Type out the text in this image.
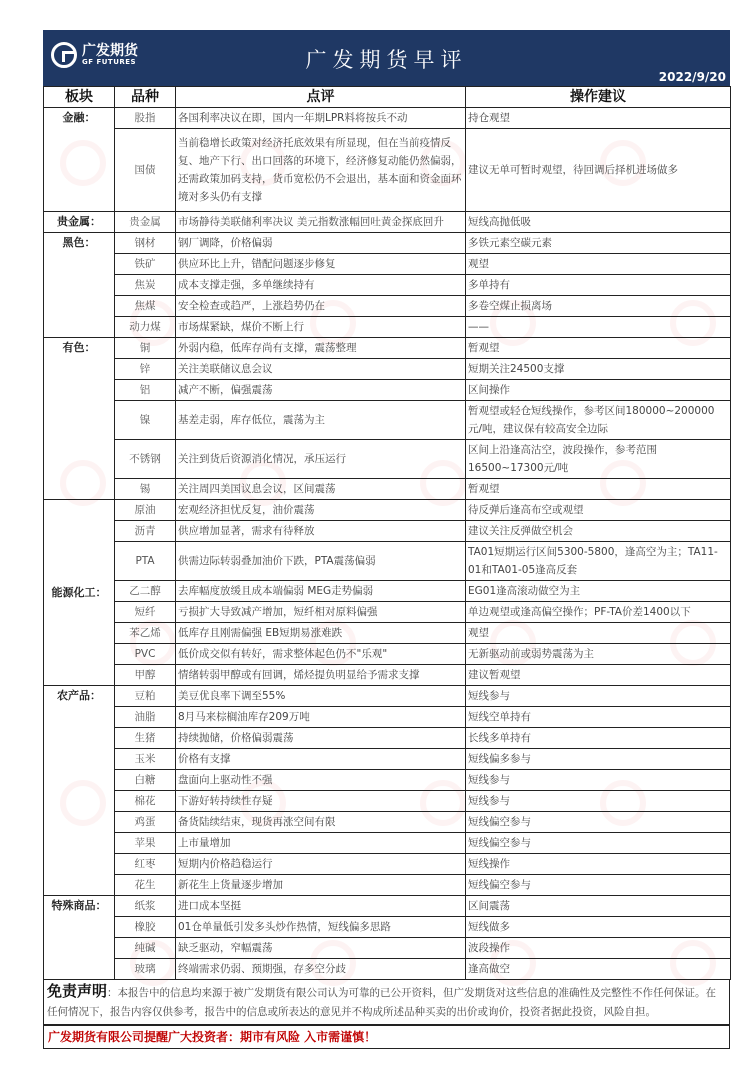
广发期货
GF FUTURES	广发期货早评
2022/9/20
板块	品种	点评	操作建议
金融：	股指	各国利率决议在即，国内一年期LPR料将按兵不动	持仓观望
	国债	当前稳增长政策对经济托底效果有所显现，但在当前疫情反复、地产下行、出口回落的环境下，经济修复动能仍然偏弱，还需政策加码支持，货币宽松仍不会退出，基本面和资金面环境对多头仍有支撑	建议无单可暂时观望，待回调后择机进场做多
贵金属：	贵金属	市场静待美联储利率决议 美元指数涨幅回吐黄金探底回升	短线高抛低吸
黑色：	钢材	钢厂调降，价格偏弱	多铁元素空碳元素
	铁矿	供应环比上升，错配问题逐步修复	观望
	焦炭	成本支撑走强，多单继续持有	多单持有
	焦煤	安全检查或趋严，上涨趋势仍在	多卷空煤止损离场
	动力煤	市场煤紧缺，煤价不断上行	——
有色：	铜	外弱内稳，低库存尚有支撑，震荡整理	暂观望
	锌	关注美联储议息会议	短期关注24500支撑
	铝	减产不断，偏强震荡	区间操作
	镍	基差走弱，库存低位，震荡为主	暂观望或轻仓短线操作，参考区间180000~200000元/吨，建议保有较高安全边际
	不锈钢	关注到货后资源消化情况，承压运行	区间上沿逢高沽空，波段操作，参考范围16500~17300元/吨
	锡	关注周四美国议息会议，区间震荡	暂观望
能源化工：	原油	宏观经济担忧反复，油价震荡	待反弹后逢高布空或观望
	沥青	供应增加显著，需求有待释放	建议关注反弹做空机会
	PTA	供需边际转弱叠加油价下跌，PTA震荡偏弱	TA01短期运行区间5300-5800，逢高空为主；TA11-01和TA01-05逢高反套
	乙二醇	去库幅度放缓且成本端偏弱 MEG走势偏弱	EG01逢高滚动做空为主
	短纤	亏损扩大导致减产增加，短纤相对原料偏强	单边观望或逢高偏空操作；PF-TA价差1400以下
	苯乙烯	低库存且刚需偏强 EB短期易涨难跌	观望
	PVC	低价成交似有转好，需求整体起色仍不"乐观"	无新驱动前或弱势震荡为主
	甲醇	情绪转弱甲醇或有回调，烯烃提负明显给予需求支撑	建议暂观望
农产品：	豆粕	美豆优良率下调至55%	短线参与
	油脂	8月马来棕榈油库存209万吨	短线空单持有
	生猪	持续抛储，价格偏弱震荡	长线多单持有
	玉米	价格有支撑	短线偏多参与
	白糖	盘面向上驱动性不强	短线参与
	棉花	下游好转持续性存疑	短线参与
	鸡蛋	备货陆续结束，现货再涨空间有限	短线偏空参与
	苹果	上市量增加	短线偏空参与
	红枣	短期内价格趋稳运行	短线操作
	花生	新花生上货量逐步增加	短线偏空参与
特殊商品：	纸浆	进口成本坚挺	区间震荡
	橡胶	01仓单量低引发多头炒作热情，短线偏多思路	短线做多
	纯碱	缺乏驱动，窄幅震荡	波段操作
	玻璃	终端需求仍弱、预期强，存多空分歧	逢高做空
免责声明：本报告中的信息均来源于被广发期货有限公司认为可靠的已公开资料，但广发期货对这些信息的准确性及完整性不作任何保证。在任何情况下，报告内容仅供参考，报告中的信息或所表达的意见并不构成所述品种买卖的出价或询价，投资者据此投资，风险自担。
广发期货有限公司提醒广大投资者：期市有风险 入市需谨慎！
